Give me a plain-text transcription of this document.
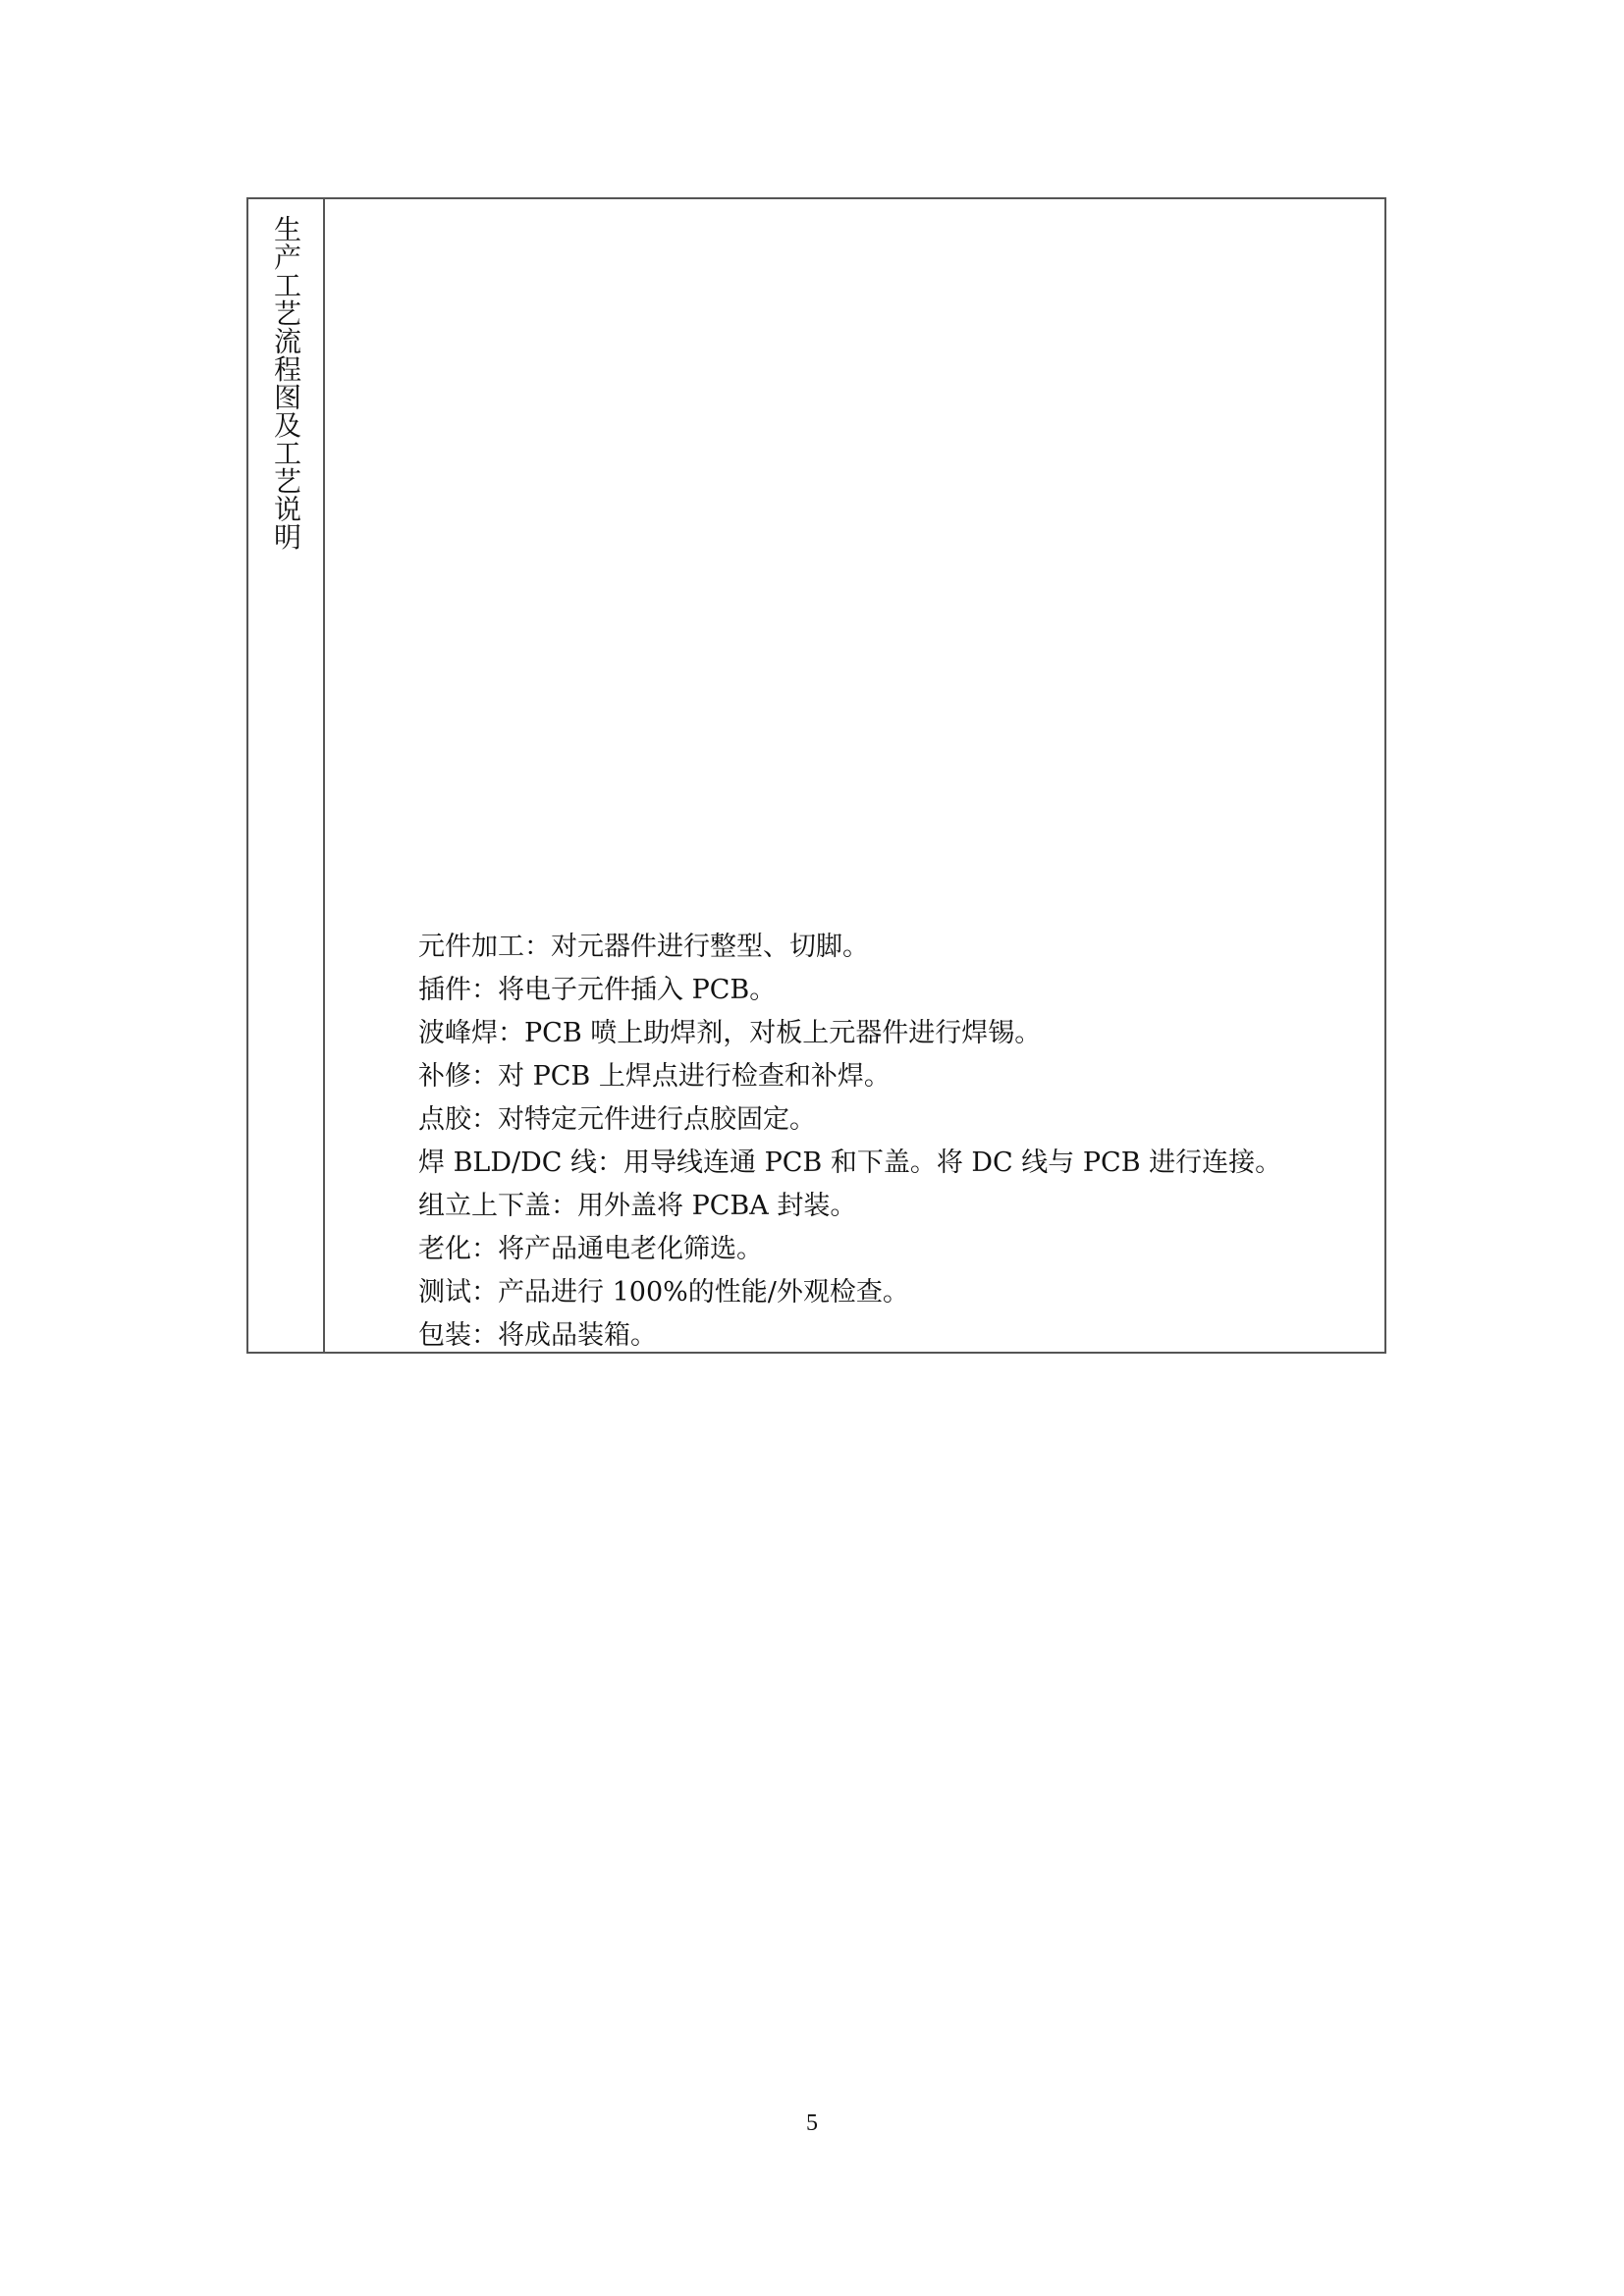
生产工艺流程图及工艺说明
元件加工：对元器件进行整型、切脚。
插件：将电子元件插入 PCB。
波峰焊：PCB 喷上助焊剂，对板上元器件进行焊锡。
补修：对 PCB 上焊点进行检查和补焊。
点胶：对特定元件进行点胶固定。
焊 BLD/DC 线：用导线连通 PCB 和下盖。将 DC 线与 PCB 进行连接。
组立上下盖：用外盖将 PCBA 封装。
老化：将产品通电老化筛选。
测试：产品进行 100%的性能/外观检查。
包装：将成品装箱。
5
